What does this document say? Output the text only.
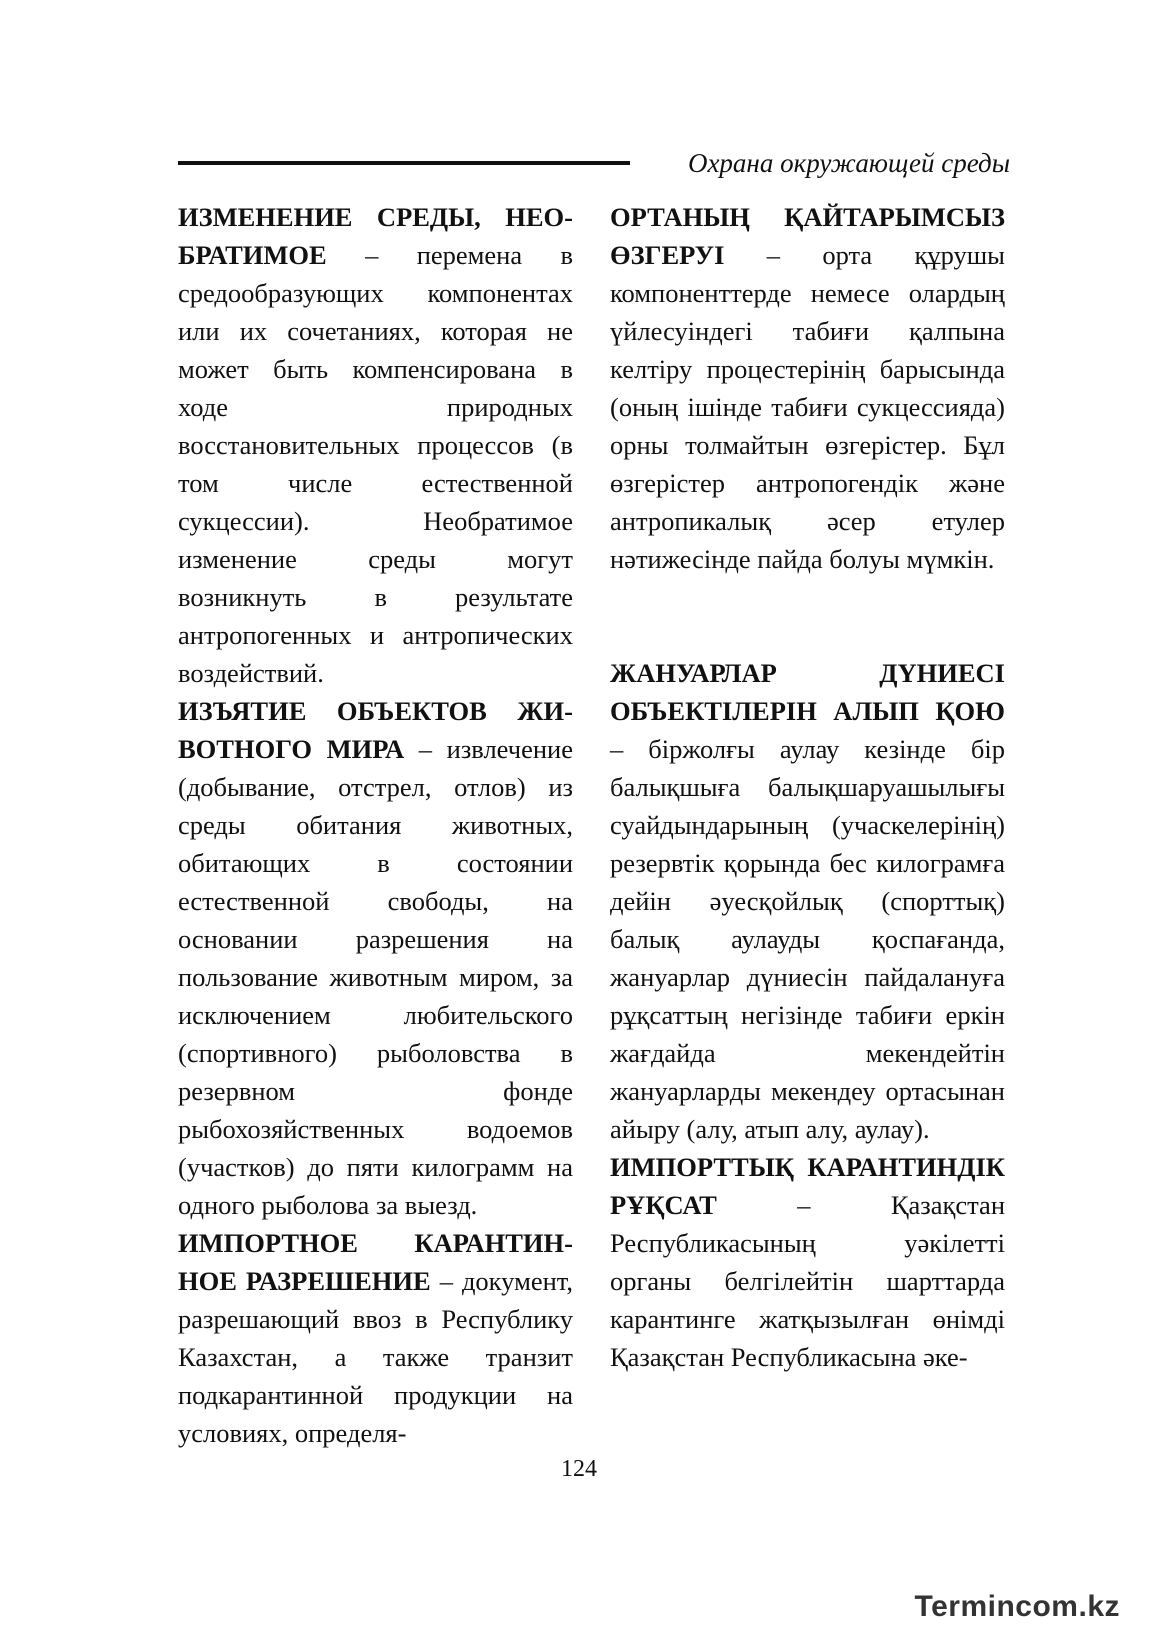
Охрана окружающей среды

ИЗМЕНЕНИЕ СРЕДЫ, НЕОБРАТИМОЕ – перемена в средообразующих компонентах или их сочетаниях, которая не может быть компенсирована в ходе природных восстановительных процессов (в том числе естественной сукцессии). Необратимое изменение среды могут возникнуть в результате антропогенных и антропических воздействий.

ИЗЪЯТИЕ ОБЪЕКТОВ ЖИВОТНОГО МИРА – извлечение (добывание, отстрел, отлов) из среды обитания животных, обитающих в состоянии естественной свободы, на основании разрешения на пользование животным миром, за исключением любительского (спортивного) рыболовства в резервном фонде рыбохозяйственных водоемов (участков) до пяти килограмм на одного рыболова за выезд.

ИМПОРТНОЕ КАРАНТИННОЕ РАЗРЕШЕНИЕ – документ, разрешающий ввоз в Республику Казахстан, а также транзит подкарантинной продукции на условиях, определя-

ОРТАНЫҢ ҚАЙТАРЫМСЫЗ ӨЗГЕРУІ – орта құрушы компоненттерде немесе олардың үйлесуіндегі табиғи қалпына келтіру процестерінің барысында (оның ішінде табиғи сукцессияда) орны толмайтын өзгерістер. Бұл өзгерістер антропогендік және антропикалық әсер етулер нәтижесінде пайда болуы мүмкін.

ЖАНУАРЛАР ДҮНИЕСІ ОБЪЕКТІЛЕРІН АЛЫП ҚОЮ – біржолғы аулау кезінде бір балықшыға балықшаруашылығы суайдындарының (учаскелерінің) резервтік қорында бес килограмға дейін әуесқойлық (спорттық) балық аулауды қоспағанда, жануарлар дүниесін пайдалануға рұқсаттың негізінде табиғи еркін жағдайда мекендейтін жануарларды мекендеу ортасынан айыру (алу, атып алу, аулау).

ИМПОРТТЫҚ КАРАНТИНДІК РҰҚСАТ – Қазақстан Республикасының уәкілетті органы белгілейтін шарттарда карантинге жатқызылған өнімді Қазақстан Республикасына әке-

124
Termincom.kz
